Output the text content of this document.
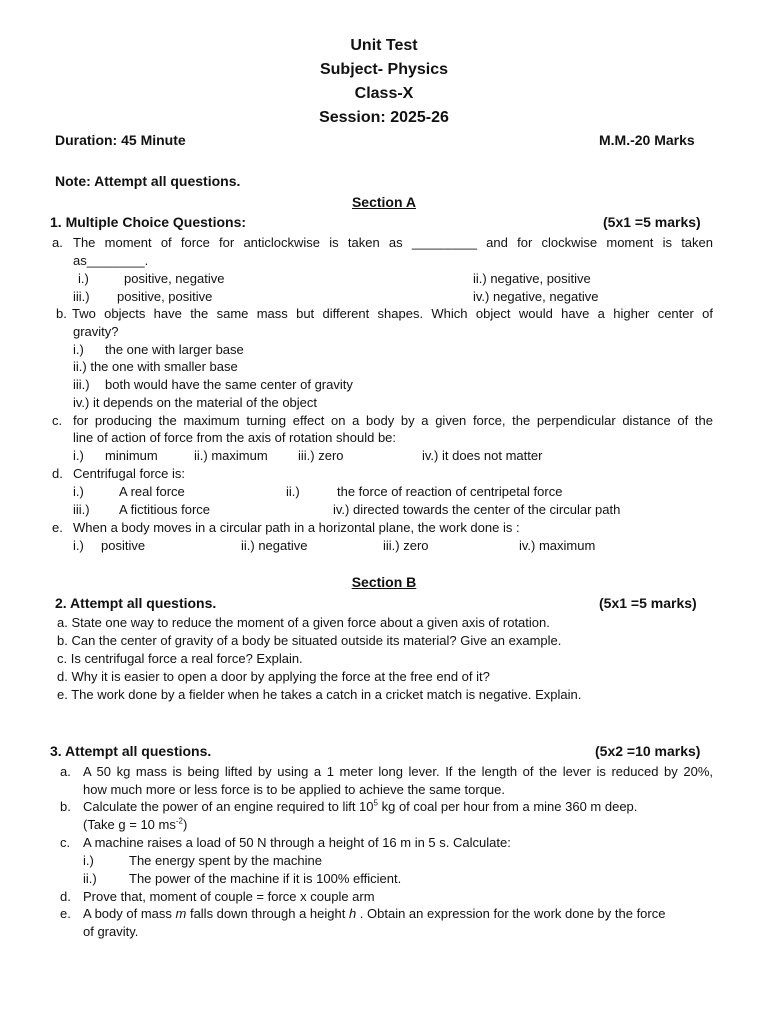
Unit Test
Subject- Physics
Class-X
Session: 2025-26
Duration: 45 Minute	M.M.-20 Marks
Note: Attempt all questions.
Section A
1. Multiple Choice Questions:	(5x1 =5 marks)
a. The moment of force for anticlockwise is taken as _________ and for clockwise moment is taken
as________.
i.)	positive, negative	ii.) negative, positive
iii.) positive, positive	iv.) negative, negative
b. Two objects have the same mass but different shapes. Which object would have a higher center of
gravity?
i.) the one with larger base
ii.) the one with smaller base
iii.) both would have the same center of gravity
iv.) it depends on the material of the object
c. for producing the maximum turning effect on a body by a given force, the perpendicular distance of the
line of action of force from the axis of rotation should be:
i.) minimum	ii.) maximum iii.) zero	iv.) it does not matter
d. Centrifugal force is:
i.)	A real force	ii.)	the force of reaction of centripetal force
iii.) A fictitious force	iv.) directed towards the center of the circular path
e. When a body moves in a circular path in a horizontal plane, the work done is :
i.) positive	ii.) negative	iii.) zero	iv.) maximum
Section B
2. Attempt all questions.	(5x1 =5 marks)
a. State one way to reduce the moment of a given force about a given axis of rotation.
b. Can the center of gravity of a body be situated outside its material? Give an example.
c. Is centrifugal force a real force? Explain.
d. Why it is easier to open a door by applying the force at the free end of it?
e. The work done by a fielder when he takes a catch in a cricket match is negative. Explain.
3. Attempt all questions.	(5x2 =10 marks)
a. A 50 kg mass is being lifted by using a 1 meter long lever. If the length of the lever is reduced by 20%,
how much more or less force is to be applied to achieve the same torque.
b. Calculate the power of an engine required to lift $10^5$ kg of coal per hour from a mine 360 m deep.
(Take g = 10 $ms^{-2}$)
c. A machine raises a load of 50 N through a height of 16 m in 5 s. Calculate:
i.)	The energy spent by the machine
ii.) The power of the machine if it is 100% efficient.
d. Prove that, moment of couple = force x couple arm
e. A body of mass m falls down through a height h . Obtain an expression for the work done by the force
of gravity.
